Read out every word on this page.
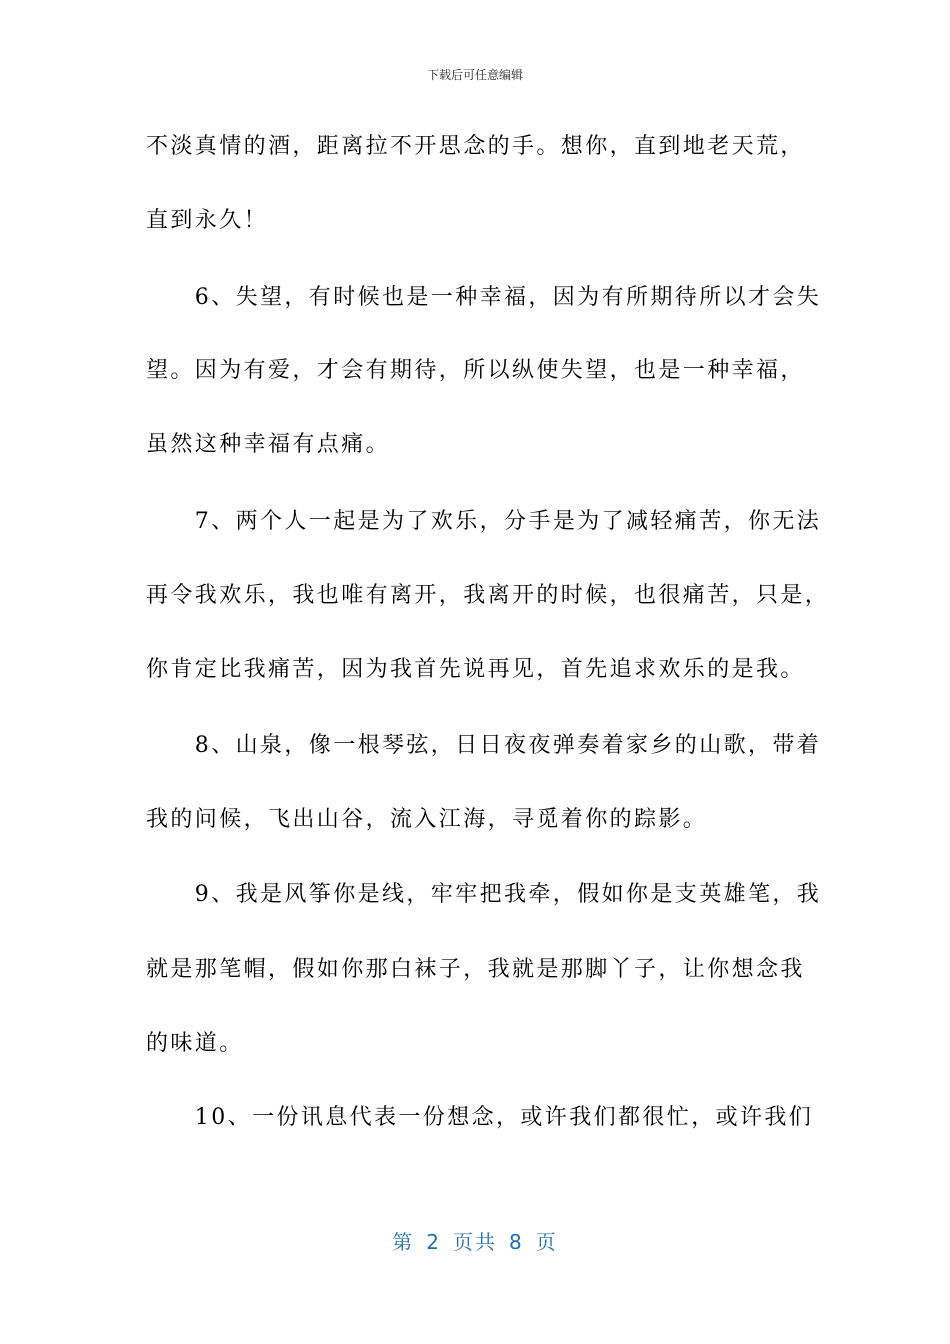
下载后可任意编辑
不淡真情的酒，距离拉不开思念的手。想你，直到地老天荒，
直到永久！
　　6、失望，有时候也是一种幸福，因为有所期待所以才会失
望。因为有爱，才会有期待，所以纵使失望，也是一种幸福，
虽然这种幸福有点痛。
　　7、两个人一起是为了欢乐，分手是为了减轻痛苦，你无法
再令我欢乐，我也唯有离开，我离开的时候，也很痛苦，只是，
你肯定比我痛苦，因为我首先说再见，首先追求欢乐的是我。
　　8、山泉，像一根琴弦，日日夜夜弹奏着家乡的山歌，带着
我的问候，飞出山谷，流入江海，寻觅着你的踪影。
　　9、我是风筝你是线，牢牢把我牵，假如你是支英雄笔，我
就是那笔帽，假如你那白袜子，我就是那脚丫子，让你想念我
的味道。
　　10、一份讯息代表一份想念，或许我们都很忙，或许我们
第 2 页共 8 页
